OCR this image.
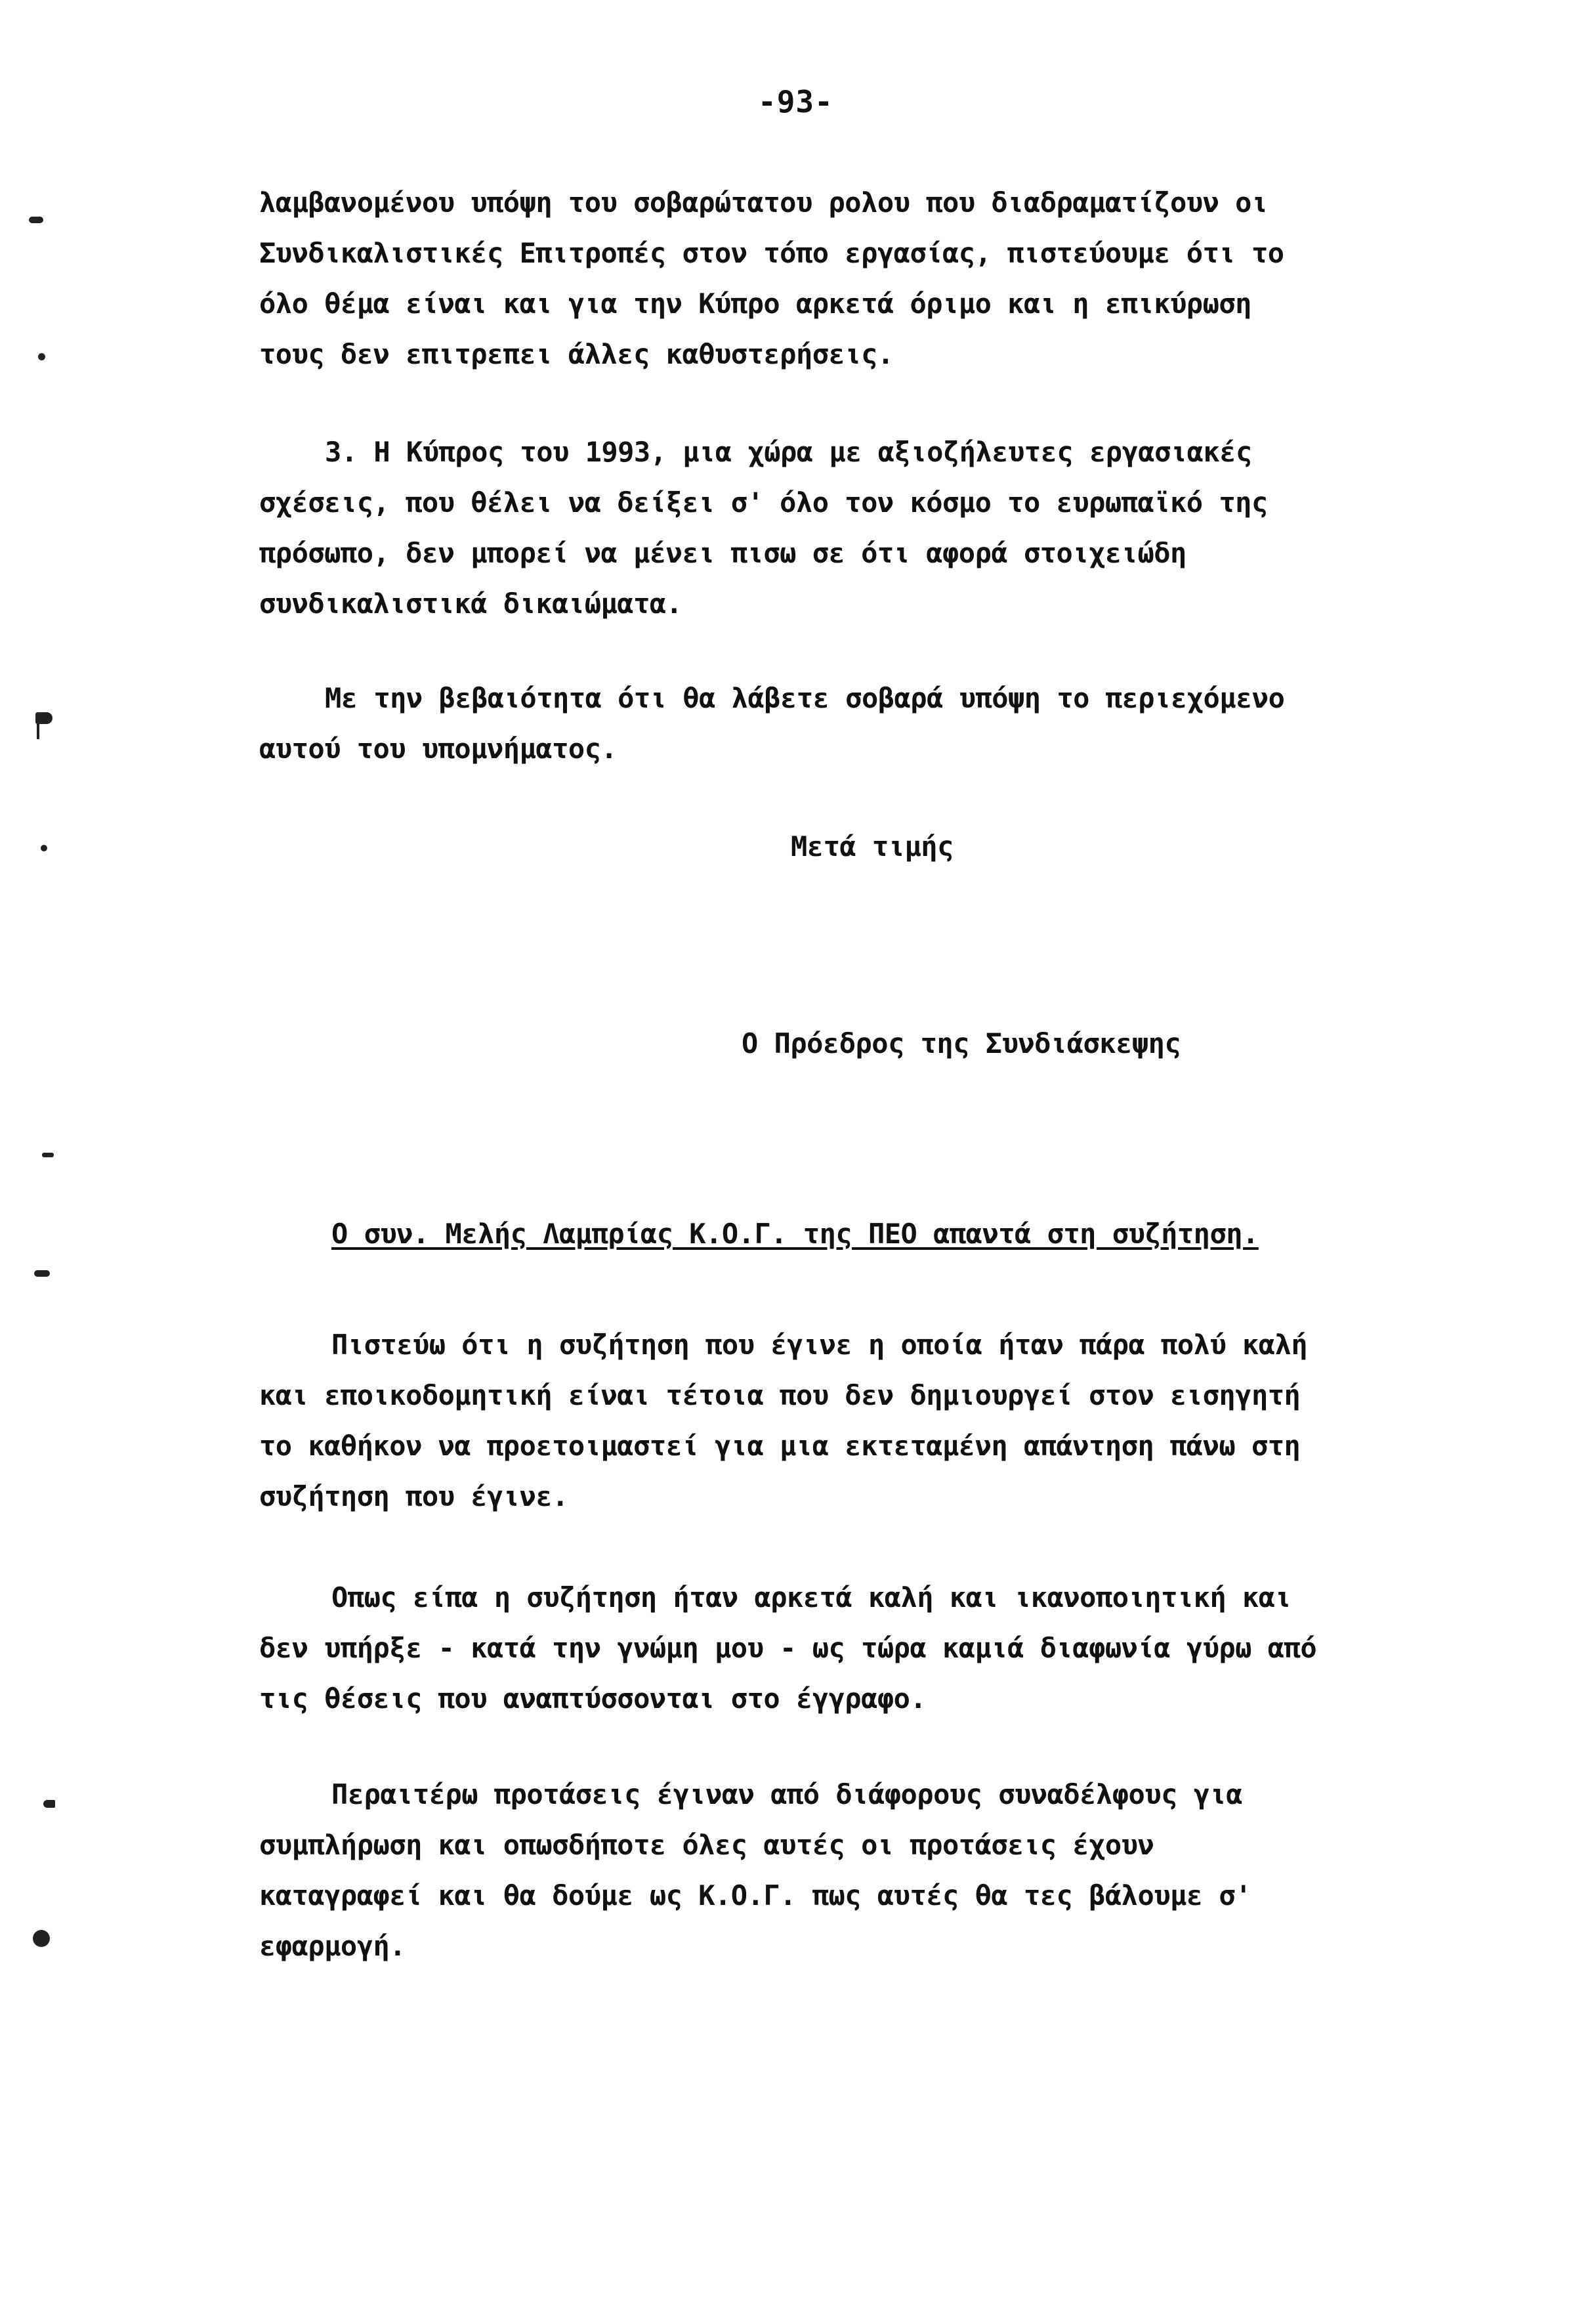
-93-
λαμβανομένου υπόψη του σοβαρώτατου ρολου που διαδραματίζουν οι
Συνδικαλιστικές Επιτροπές στον τόπο εργασίας, πιστεύουμε ότι το
όλο θέμα είναι και για την Κύπρο αρκετά όριμο και η επικύρωση
τους δεν επιτρεπει άλλες καθυστερήσεις.
3. Η Κύπρος του 1993, μια χώρα με αξιοζήλευτες εργασιακές
σχέσεις, που θέλει να δείξει σ' όλο τον κόσμο το ευρωπαϊκό της
πρόσωπο, δεν μπορεί να μένει πισω σε ότι αφορά στοιχειώδη
συνδικαλιστικά δικαιώματα.
Με την βεβαιότητα ότι θα λάβετε σοβαρά υπόψη το περιεχόμενο
αυτού του υπομνήματος.
Μετά τιμής
Ο Πρόεδρος της Συνδιάσκεψης
Ο συν. Μελής Λαμπρίας Κ.Ο.Γ. της ΠΕΟ απαντά στη συζήτηση.
Πιστεύω ότι η συζήτηση που έγινε η οποία ήταν πάρα πολύ καλή
και εποικοδομητική είναι τέτοια που δεν δημιουργεί στον εισηγητή
το καθήκον να προετοιμαστεί για μια εκτεταμένη απάντηση πάνω στη
συζήτηση που έγινε.
Οπως είπα η συζήτηση ήταν αρκετά καλή και ικανοποιητική και
δεν υπήρξε - κατά την γνώμη μου - ως τώρα καμιά διαφωνία γύρω από
τις θέσεις που αναπτύσσονται στο έγγραφο.
Περαιτέρω προτάσεις έγιναν από διάφορους συναδέλφους για
συμπλήρωση και οπωσδήποτε όλες αυτές οι προτάσεις έχουν
καταγραφεί και θα δούμε ως Κ.Ο.Γ. πως αυτές θα τες βάλουμε σ'
εφαρμογή.
